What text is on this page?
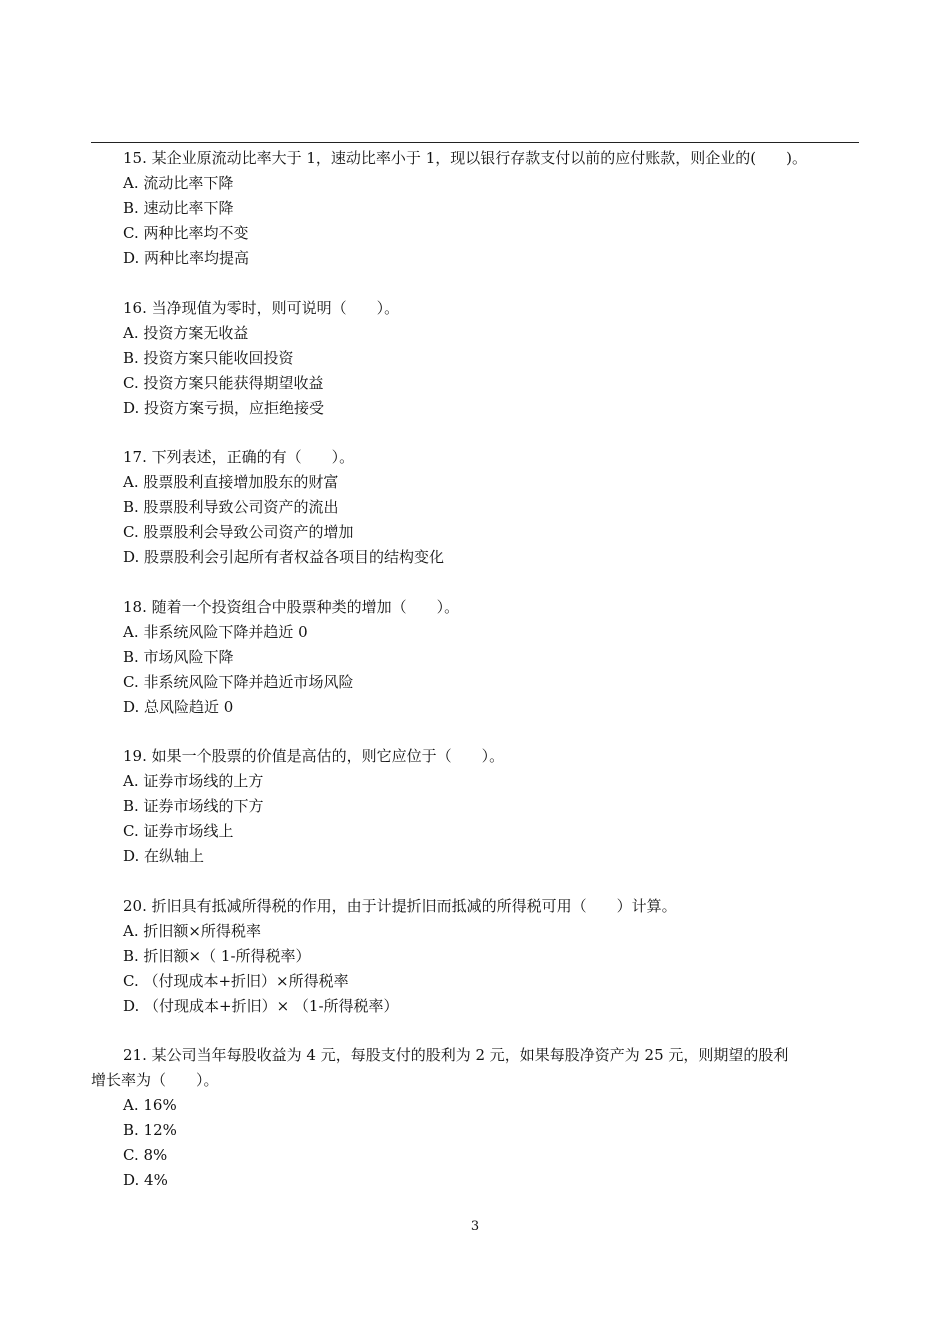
15. 某企业原流动比率大于 1，速动比率小于 1，现以银行存款支付以前的应付账款，则企业的(　　)。
A. 流动比率下降
B. 速动比率下降
C. 两种比率均不变
D. 两种比率均提高
16. 当净现值为零时，则可说明（　　）。
A. 投资方案无收益
B. 投资方案只能收回投资
C. 投资方案只能获得期望收益
D. 投资方案亏损，应拒绝接受
17. 下列表述，正确的有（　　）。
A. 股票股利直接增加股东的财富
B. 股票股利导致公司资产的流出
C. 股票股利会导致公司资产的增加
D. 股票股利会引起所有者权益各项目的结构变化
18. 随着一个投资组合中股票种类的增加（　　）。
A. 非系统风险下降并趋近 0
B. 市场风险下降
C. 非系统风险下降并趋近市场风险
D. 总风险趋近 0
19. 如果一个股票的价值是高估的，则它应位于（　　）。
A. 证券市场线的上方
B. 证券市场线的下方
C. 证券市场线上
D. 在纵轴上
20. 折旧具有抵减所得税的作用，由于计提折旧而抵减的所得税可用（　　）计算。
A. 折旧额×所得税率
B. 折旧额×（ 1-所得税率）
C. （付现成本+折旧）×所得税率
D. （付现成本+折旧）× （1-所得税率）
21. 某公司当年每股收益为 4 元，每股支付的股利为 2 元，如果每股净资产为 25 元，则期望的股利
增长率为（　　）。
A. 16%
B. 12%
C. 8%
D. 4%
3
